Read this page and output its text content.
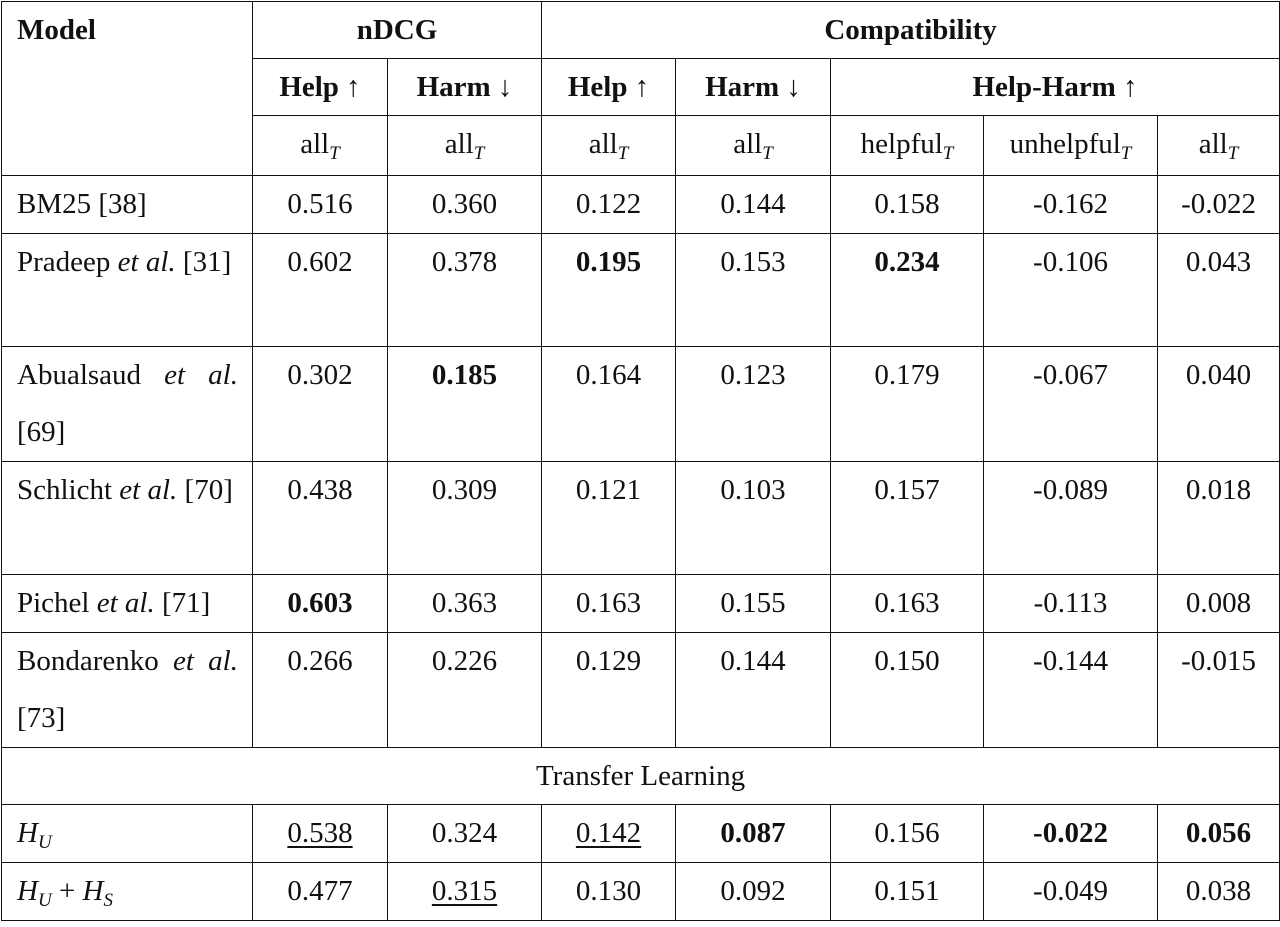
Model	nDCG		Compatibility				
	Help ↑	Harm ↓	Help ↑	Harm ↓	Help-Harm ↑		
	all$_T$	all$_T$	all$_T$	all$_T$	helpful$_T$	unhelpful$_T$	all$_T$
BM25 [38]	0.516	0.360	0.122	0.144	0.158	-0.162	-0.022
Pradeep et al. [31]	0.602	0.378	0.195	0.153	0.234	-0.106	0.043
Abualsaud et al. [69]	0.302	0.185	0.164	0.123	0.179	-0.067	0.040
Schlicht et al. [70]	0.438	0.309	0.121	0.103	0.157	-0.089	0.018
Pichel et al. [71]	0.603	0.363	0.163	0.155	0.163	-0.113	0.008
Bondarenko et al. [73]	0.266	0.226	0.129	0.144	0.150	-0.144	-0.015
Transfer Learning							
$H_U$	0.538	0.324	0.142	0.087	0.156	-0.022	0.056
$H_U + H_S$	0.477	0.315	0.130	0.092	0.151	-0.049	0.038
